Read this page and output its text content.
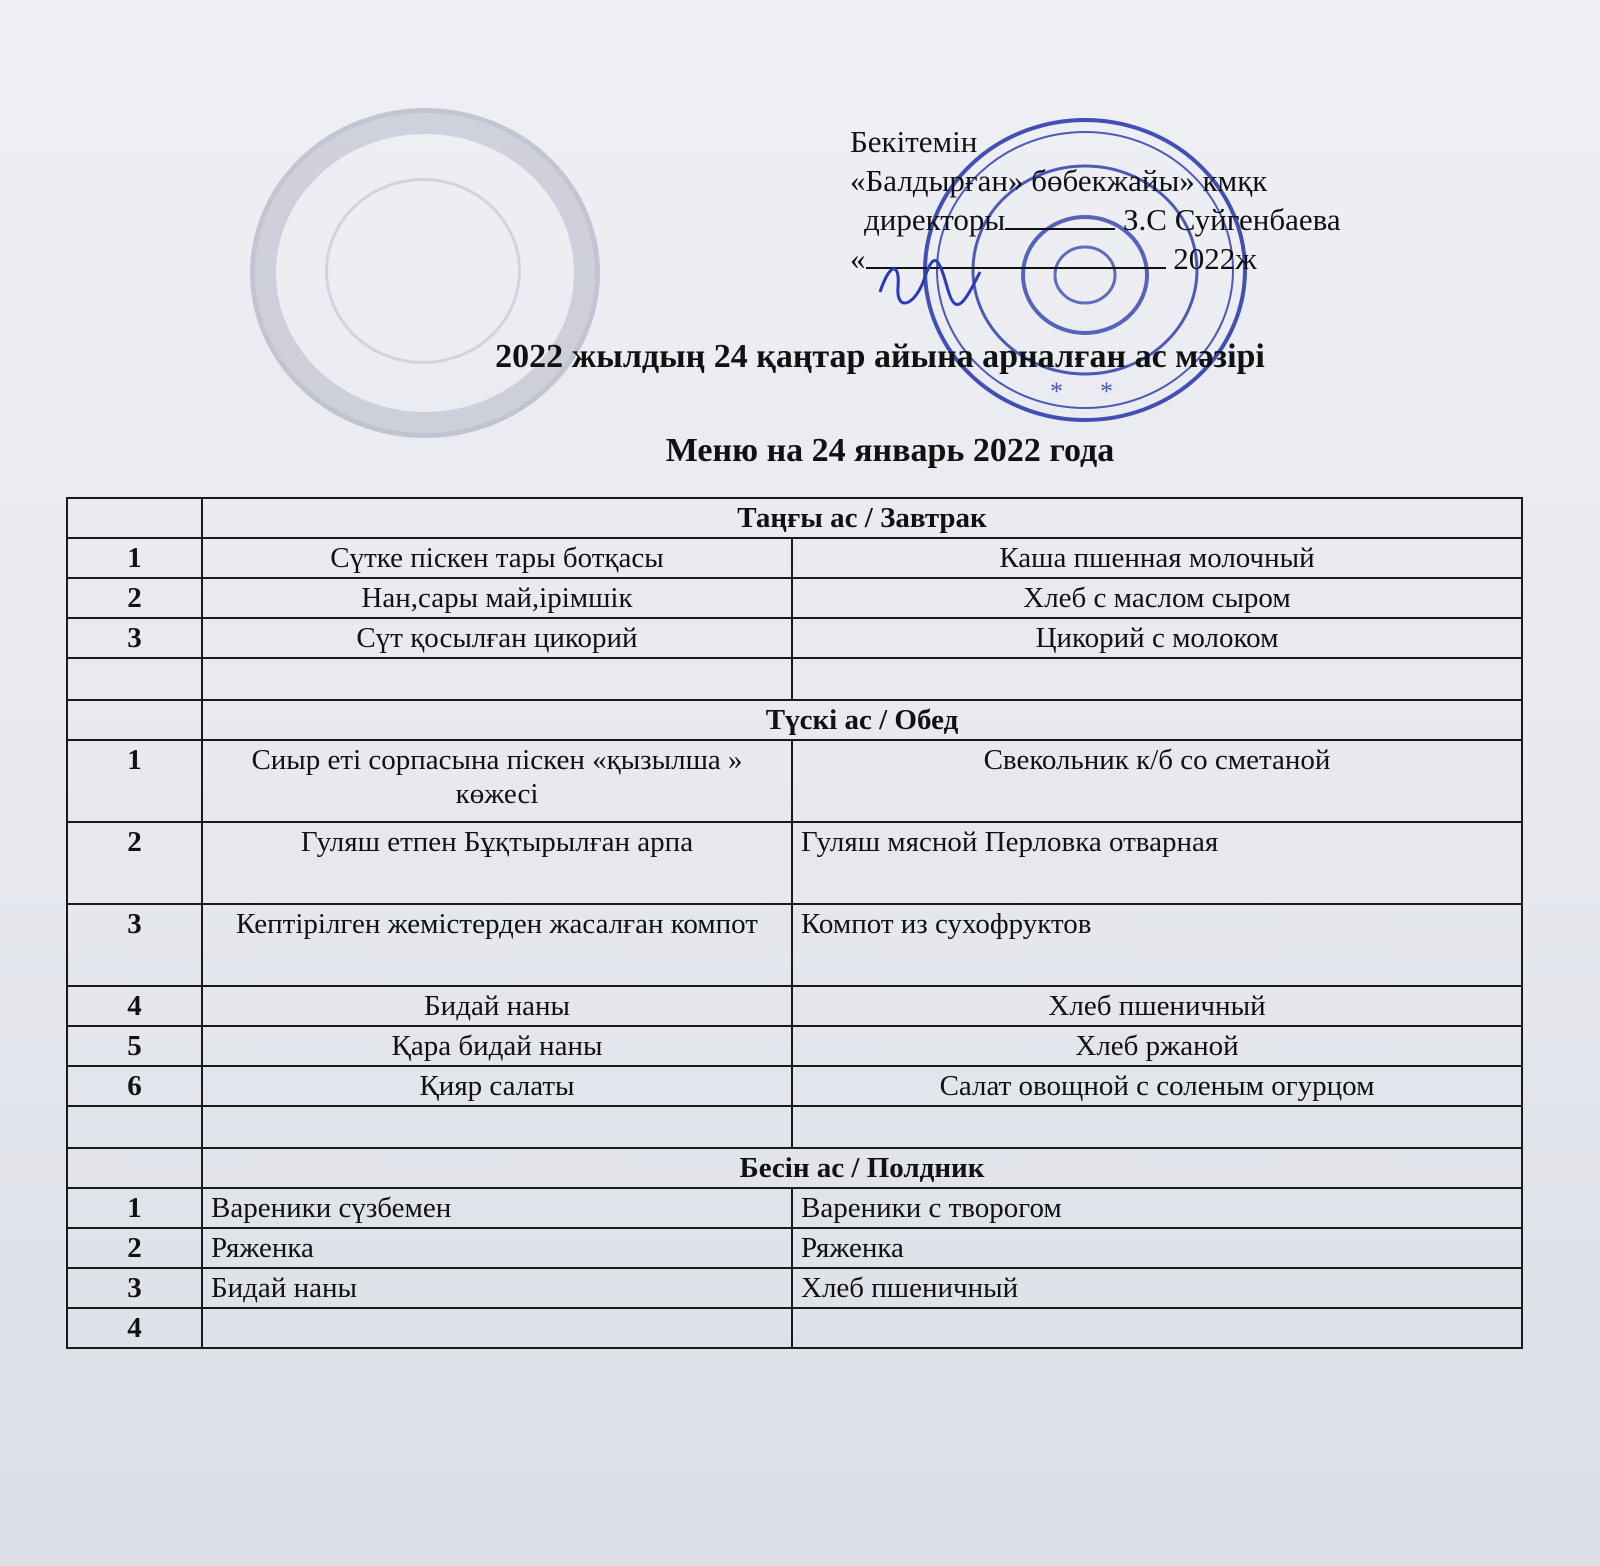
* *
Бекітемін
«Балдырған» бөбекжайы» кмқк
директоры	З.С Суйгенбаева
«	2022ж
2022 жылдың 24 қаңтар айына арналған ас мәзірі
Меню на 24 январь 2022 года
	Таңғы ас / Завтрак	
1	Сүтке піскен тары ботқасы	Каша пшенная молочный
2	Нан,сары май,ірімшік	Хлеб с маслом сыром
3	Сүт қосылған цикорий	Цикорий с молоком

	Түскі ас / Обед	
1	Сиыр еті сорпасына піскен «қызылша » көжесі	Свекольник к/б со сметаной
2	Гуляш етпен Бұқтырылған арпа	Гуляш мясной Перловка отварная
3	Кептірілген жемістерден жасалған компот	Компот из сухофруктов
4	Бидай наны	Хлеб пшеничный
5	Қара бидай наны	Хлеб ржаной
6	Қияр салаты	Салат овощной с соленым огурцом

	Бесін ас / Полдник	
1	Вареники сүзбемен	Вареники с творогом
2	Ряженка	Ряженка
3	Бидай наны	Хлеб пшеничный
4		
